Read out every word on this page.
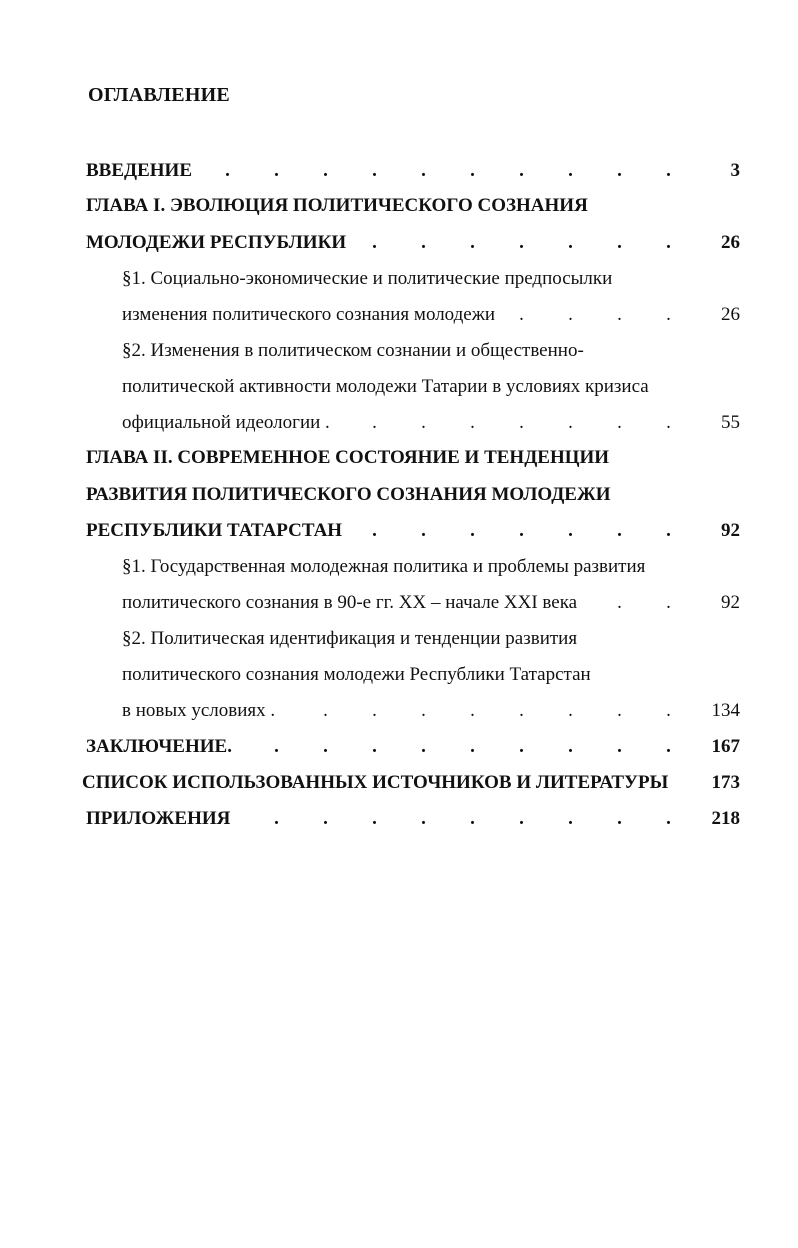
ОГЛАВЛЕНИЕ
ВВЕДЕНИЕ	. . . . . . . . . .	3
ГЛАВА I. ЭВОЛЮЦИЯ ПОЛИТИЧЕСКОГО СОЗНАНИЯ
МОЛОДЕЖИ РЕСПУБЛИКИ	. . . . . . .	26
§1. Социально-экономические и политические предпосылки
изменения политического сознания молодежи	. . . .	26
§2. Изменения в политическом сознании и общественно-
политической активности молодежи Татарии в условиях кризиса
официальной идеологии .	. . . . . . .	55
ГЛАВА II. СОВРЕМЕННОЕ СОСТОЯНИЕ И ТЕНДЕНЦИИ
РАЗВИТИЯ ПОЛИТИЧЕСКОГО СОЗНАНИЯ МОЛОДЕЖИ
РЕСПУБЛИКИ ТАТАРСТАН	. . . . . . .	92
§1. Государственная молодежная политика и проблемы развития
политического сознания в 90-е гг. XX – начале XXI века	. .	92
§2. Политическая идентификация и тенденции развития
политического сознания молодежи Республики Татарстан
в новых условиях .	. . . . . . . .	134
ЗАКЛЮЧЕНИЕ.	. . . . . . . . .	167
СПИСОК ИСПОЛЬЗОВАННЫХ ИСТОЧНИКОВ И ЛИТЕРАТУРЫ 173
ПРИЛОЖЕНИЯ	. . . . . . . . .	218
